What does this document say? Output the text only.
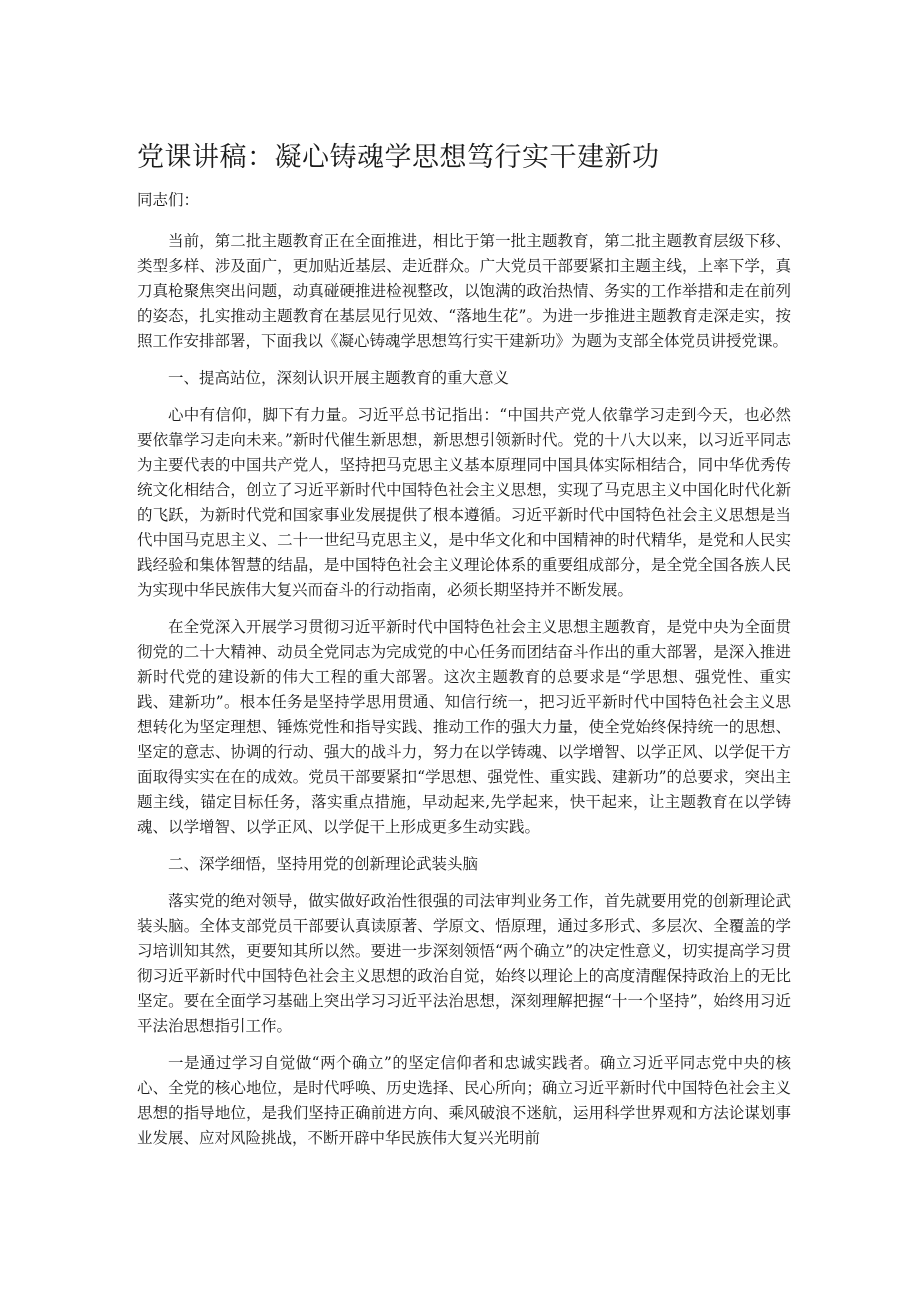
党课讲稿：凝心铸魂学思想笃行实干建新功

同志们：

当前，第二批主题教育正在全面推进，相比于第一批主题教育，第二批主题教育层级下移、类型多样、涉及面广，更加贴近基层、走近群众。广大党员干部要紧扣主题主线，上率下学，真刀真枪聚焦突出问题，动真碰硬推进检视整改，以饱满的政治热情、务实的工作举措和走在前列的姿态，扎实推动主题教育在基层见行见效、“落地生花”。为进一步推进主题教育走深走实，按照工作安排部署，下面我以《凝心铸魂学思想笃行实干建新功》为题为支部全体党员讲授党课。

一、提高站位，深刻认识开展主题教育的重大意义

心中有信仰，脚下有力量。习近平总书记指出：“中国共产党人依靠学习走到今天，也必然要依靠学习走向未来。”新时代催生新思想，新思想引领新时代。党的十八大以来，以习近平同志为主要代表的中国共产党人，坚持把马克思主义基本原理同中国具体实际相结合，同中华优秀传统文化相结合，创立了习近平新时代中国特色社会主义思想，实现了马克思主义中国化时代化新的飞跃，为新时代党和国家事业发展提供了根本遵循。习近平新时代中国特色社会主义思想是当代中国马克思主义、二十一世纪马克思主义，是中华文化和中国精神的时代精华，是党和人民实践经验和集体智慧的结晶，是中国特色社会主义理论体系的重要组成部分，是全党全国各族人民为实现中华民族伟大复兴而奋斗的行动指南，必须长期坚持并不断发展。

在全党深入开展学习贯彻习近平新时代中国特色社会主义思想主题教育，是党中央为全面贯彻党的二十大精神、动员全党同志为完成党的中心任务而团结奋斗作出的重大部署，是深入推进新时代党的建设新的伟大工程的重大部署。这次主题教育的总要求是“学思想、强党性、重实践、建新功”。根本任务是坚持学思用贯通、知信行统一，把习近平新时代中国特色社会主义思想转化为坚定理想、锤炼党性和指导实践、推动工作的强大力量，使全党始终保持统一的思想、坚定的意志、协调的行动、强大的战斗力，努力在以学铸魂、以学增智、以学正风、以学促干方面取得实实在在的成效。党员干部要紧扣“学思想、强党性、重实践、建新功”的总要求，突出主题主线，锚定目标任务，落实重点措施，早动起来,先学起来，快干起来，让主题教育在以学铸魂、以学增智、以学正风、以学促干上形成更多生动实践。

二、深学细悟，坚持用党的创新理论武装头脑

落实党的绝对领导，做实做好政治性很强的司法审判业务工作，首先就要用党的创新理论武装头脑。全体支部党员干部要认真读原著、学原文、悟原理，通过多形式、多层次、全覆盖的学习培训知其然，更要知其所以然。要进一步深刻领悟“两个确立”的决定性意义，切实提高学习贯彻习近平新时代中国特色社会主义思想的政治自觉，始终以理论上的高度清醒保持政治上的无比坚定。要在全面学习基础上突出学习习近平法治思想，深刻理解把握“十一个坚持”，始终用习近平法治思想指引工作。

一是通过学习自觉做“两个确立”的坚定信仰者和忠诚实践者。确立习近平同志党中央的核心、全党的核心地位，是时代呼唤、历史选择、民心所向；确立习近平新时代中国特色社会主义思想的指导地位，是我们坚持正确前进方向、乘风破浪不迷航，运用科学世界观和方法论谋划事业发展、应对风险挑战，不断开辟中华民族伟大复兴光明前
